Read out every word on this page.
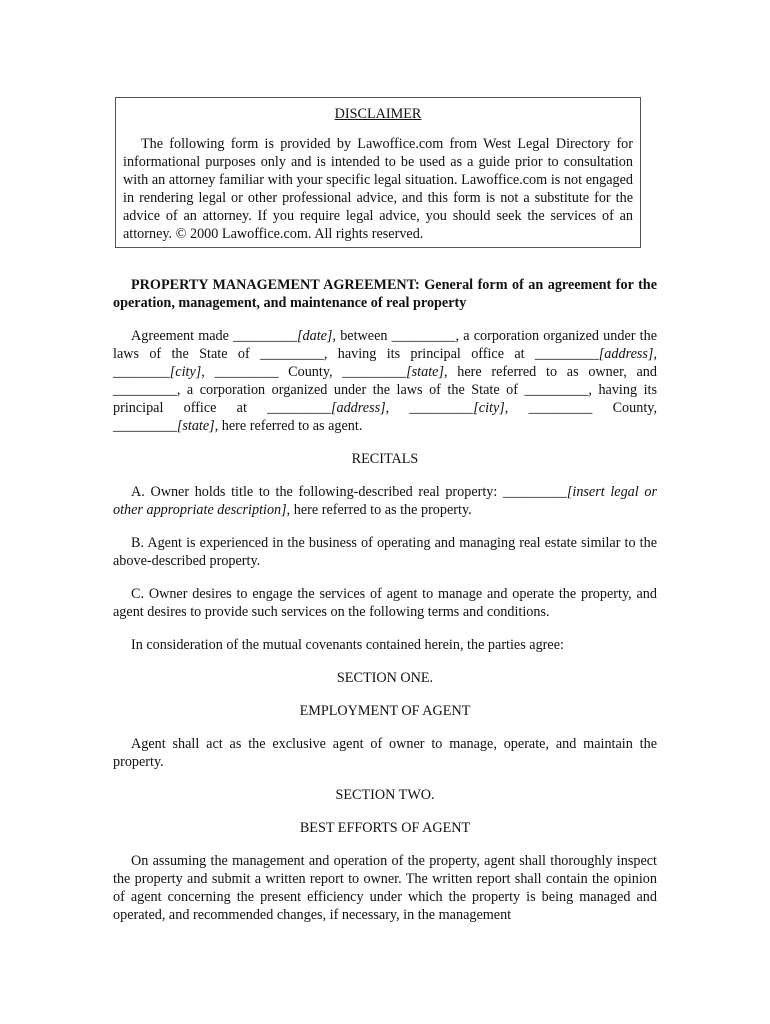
DISCLAIMER

The following form is provided by Lawoffice.com from West Legal Directory for informational purposes only and is intended to be used as a guide prior to consultation with an attorney familiar with your specific legal situation. Lawoffice.com is not engaged in rendering legal or other professional advice, and this form is not a substitute for the advice of an attorney. If you require legal advice, you should seek the services of an attorney. © 2000 Lawoffice.com. All rights reserved.

PROPERTY MANAGEMENT AGREEMENT: General form of an agreement for the operation, management, and maintenance of real property

Agreement made _________[date], between _________, a corporation organized under the laws of the State of _________, having its principal office at _________[address], ________[city], _________ County, _________[state], here referred to as owner, and _________, a corporation organized under the laws of the State of _________, having its principal office at _________[address], _________[city], _________ County, _________[state], here referred to as agent.

RECITALS

A. Owner holds title to the following-described real property: _________[insert legal or other appropriate description], here referred to as the property.

B. Agent is experienced in the business of operating and managing real estate similar to the above-described property.

C. Owner desires to engage the services of agent to manage and operate the property, and agent desires to provide such services on the following terms and conditions.

In consideration of the mutual covenants contained herein, the parties agree:

SECTION ONE.

EMPLOYMENT OF AGENT

Agent shall act as the exclusive agent of owner to manage, operate, and maintain the property.

SECTION TWO.

BEST EFFORTS OF AGENT

On assuming the management and operation of the property, agent shall thoroughly inspect the property and submit a written report to owner. The written report shall contain the opinion of agent concerning the present efficiency under which the property is being managed and operated, and recommended changes, if necessary, in the management
